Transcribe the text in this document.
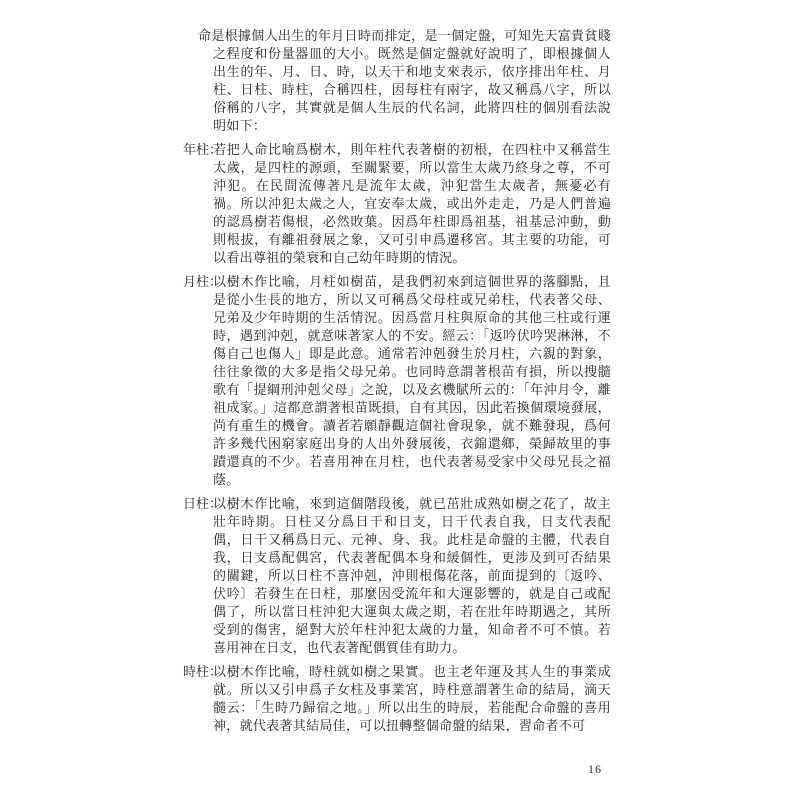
命是根據個人出生的年月日時而排定，是一個定盤，可知先天富貴貧賤之程度和份量器皿的大小。既然是個定盤就好說明了，即根據個人出生的年、月、日、時，以天干和地支來表示，依序排出年柱、月柱、日柱、時柱，合稱四柱，因每柱有兩字，故又稱爲八字，所以俗稱的八字，其實就是個人生辰的代名詞，此將四柱的個別看法說明如下：

年柱：

若把人命比喻爲樹木，則年柱代表著樹的初根，在四柱中又稱當生太歲，是四柱的源頭，至關緊要，所以當生太歲乃終身之尊，不可沖犯。在民間流傳著凡是流年太歲，沖犯當生太歲者，無憂必有禍。所以沖犯太歲之人，宜安奉太歲，或出外走走，乃是人們普遍的認爲樹若傷根，必然敗葉。因爲年柱即爲祖基，祖基忌沖動，動則根拔，有離祖發展之象，又可引申爲遷移宮。其主要的功能，可以看出尊祖的榮衰和自己幼年時期的情況。

月柱：

以樹木作比喻，月柱如樹苗，是我們初來到這個世界的落腳點，且是從小生長的地方，所以又可稱爲父母柱或兄弟柱，代表著父母、兄弟及少年時期的生活情況。因爲當月柱與原命的其他三柱或行運時，遇到沖剋，就意味著家人的不安。經云：「返吟伏吟哭淋淋，不傷自己也傷人」即是此意。通常若沖剋發生於月柱，六親的對象，往往象徵的大多是指父母兄弟。也同時意謂著根苗有損，所以搜髓歌有「提綱刑沖剋父母」之說，以及玄機賦所云的：「年沖月令，離祖成家。」這都意謂著根苗既損，自有其因，因此若換個環境發展，尚有重生的機會。讀者若願靜觀這個社會現象，就不難發現，爲何許多幾代困窮家庭出身的人出外發展後，衣錦還鄉，榮歸故里的事蹟還真的不少。若喜用神在月柱，也代表著易受家中父母兄長之福蔭。

日柱：

以樹木作比喻，來到這個階段後，就已茁壯成熟如樹之花了，故主壯年時期。日柱又分爲日干和日支，日干代表自我，日支代表配偶，日干又稱爲日元、元神、身、我。此柱是命盤的主體，代表自我，日支爲配偶宮，代表著配偶本身和緩個性，更涉及到可否結果的關鍵，所以日柱不喜沖剋，沖則根傷花落，前面提到的〔返吟、伏吟〕若發生在日柱，那麼因受流年和大運影響的，就是自己或配偶了，所以當日柱沖犯大運與太歲之期，若在壯年時期遇之，其所受到的傷害，絕對大於年柱沖犯太歲的力量，知命者不可不慎。若喜用神在日支，也代表著配偶質佳有助力。

時柱：

以樹木作比喻，時柱就如樹之果實。也主老年運及其人生的事業成就。所以又引申爲子女柱及事業宮，時柱意謂著生命的結局，滴天髓云：「生時乃歸宿之地。」所以出生的時辰，若能配合命盤的喜用神，就代表著其結局佳，可以扭轉整個命盤的結果，習命者不可

16
